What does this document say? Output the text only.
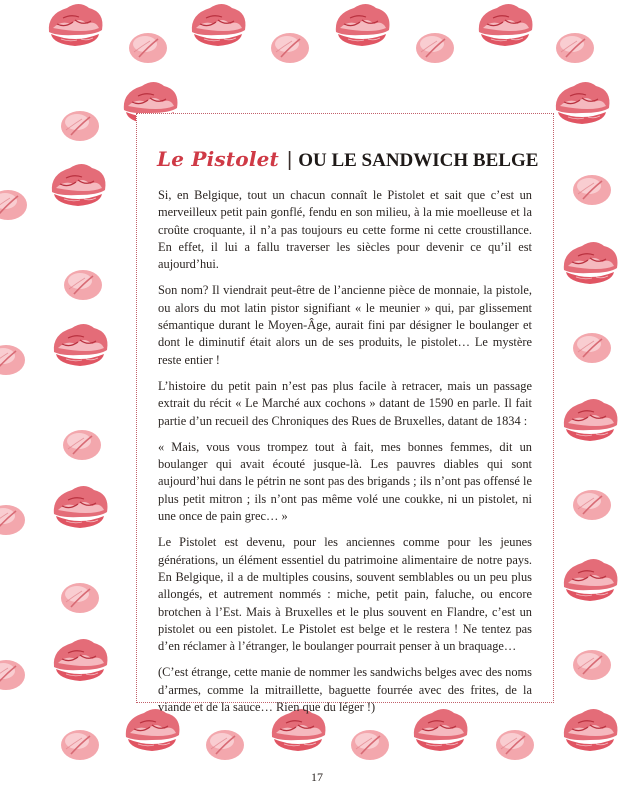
Le Pistolet | OU LE SANDWICH BELGE

Si, en Belgique, tout un chacun connaît le Pistolet et sait que c’est un merveilleux petit pain gonflé, fendu en son milieu, à la mie moelleuse et la croûte croquante, il n’a pas toujours eu cette forme ni cette croustillance. En effet, il lui a fallu traverser les siècles pour devenir ce qu’il est aujourd’hui.

Son nom? Il viendrait peut-être de l’ancienne pièce de monnaie, la pistole, ou alors du mot latin pistor signifiant « le meunier » qui, par glissement sémantique durant le Moyen-Âge, aurait fini par désigner le boulanger et dont le diminutif était alors un de ses produits, le pistolet… Le mystère reste entier !

L’histoire du petit pain n’est pas plus facile à retracer, mais un passage extrait du récit « Le Marché aux cochons » datant de 1590 en parle. Il fait partie d’un recueil des Chroniques des Rues de Bruxelles, datant de 1834 :

« Mais, vous vous trompez tout à fait, mes bonnes femmes, dit un boulanger qui avait écouté jusque-là. Les pauvres diables qui sont aujourd’hui dans le pétrin ne sont pas des brigands ; ils n’ont pas offensé le plus petit mitron ; ils n’ont pas même volé une coukke, ni un pistolet, ni une once de pain grec… »

Le Pistolet est devenu, pour les anciennes comme pour les jeunes générations, un élément essentiel du patrimoine alimentaire de notre pays. En Belgique, il a de multiples cousins, souvent semblables ou un peu plus allongés, et autrement nommés : miche, petit pain, faluche, ou encore brotchen à l’Est. Mais à Bruxelles et le plus souvent en Flandre, c’est un pistolet ou een pistolet. Le Pistolet est belge et le restera ! Ne tentez pas d’en réclamer à l’étranger, le boulanger pourrait penser à un braquage…

(C’est étrange, cette manie de nommer les sandwichs belges avec des noms d’armes, comme la mitraillette, baguette fourrée avec des frites, de la viande et de la sauce… Rien que du léger !)

17
